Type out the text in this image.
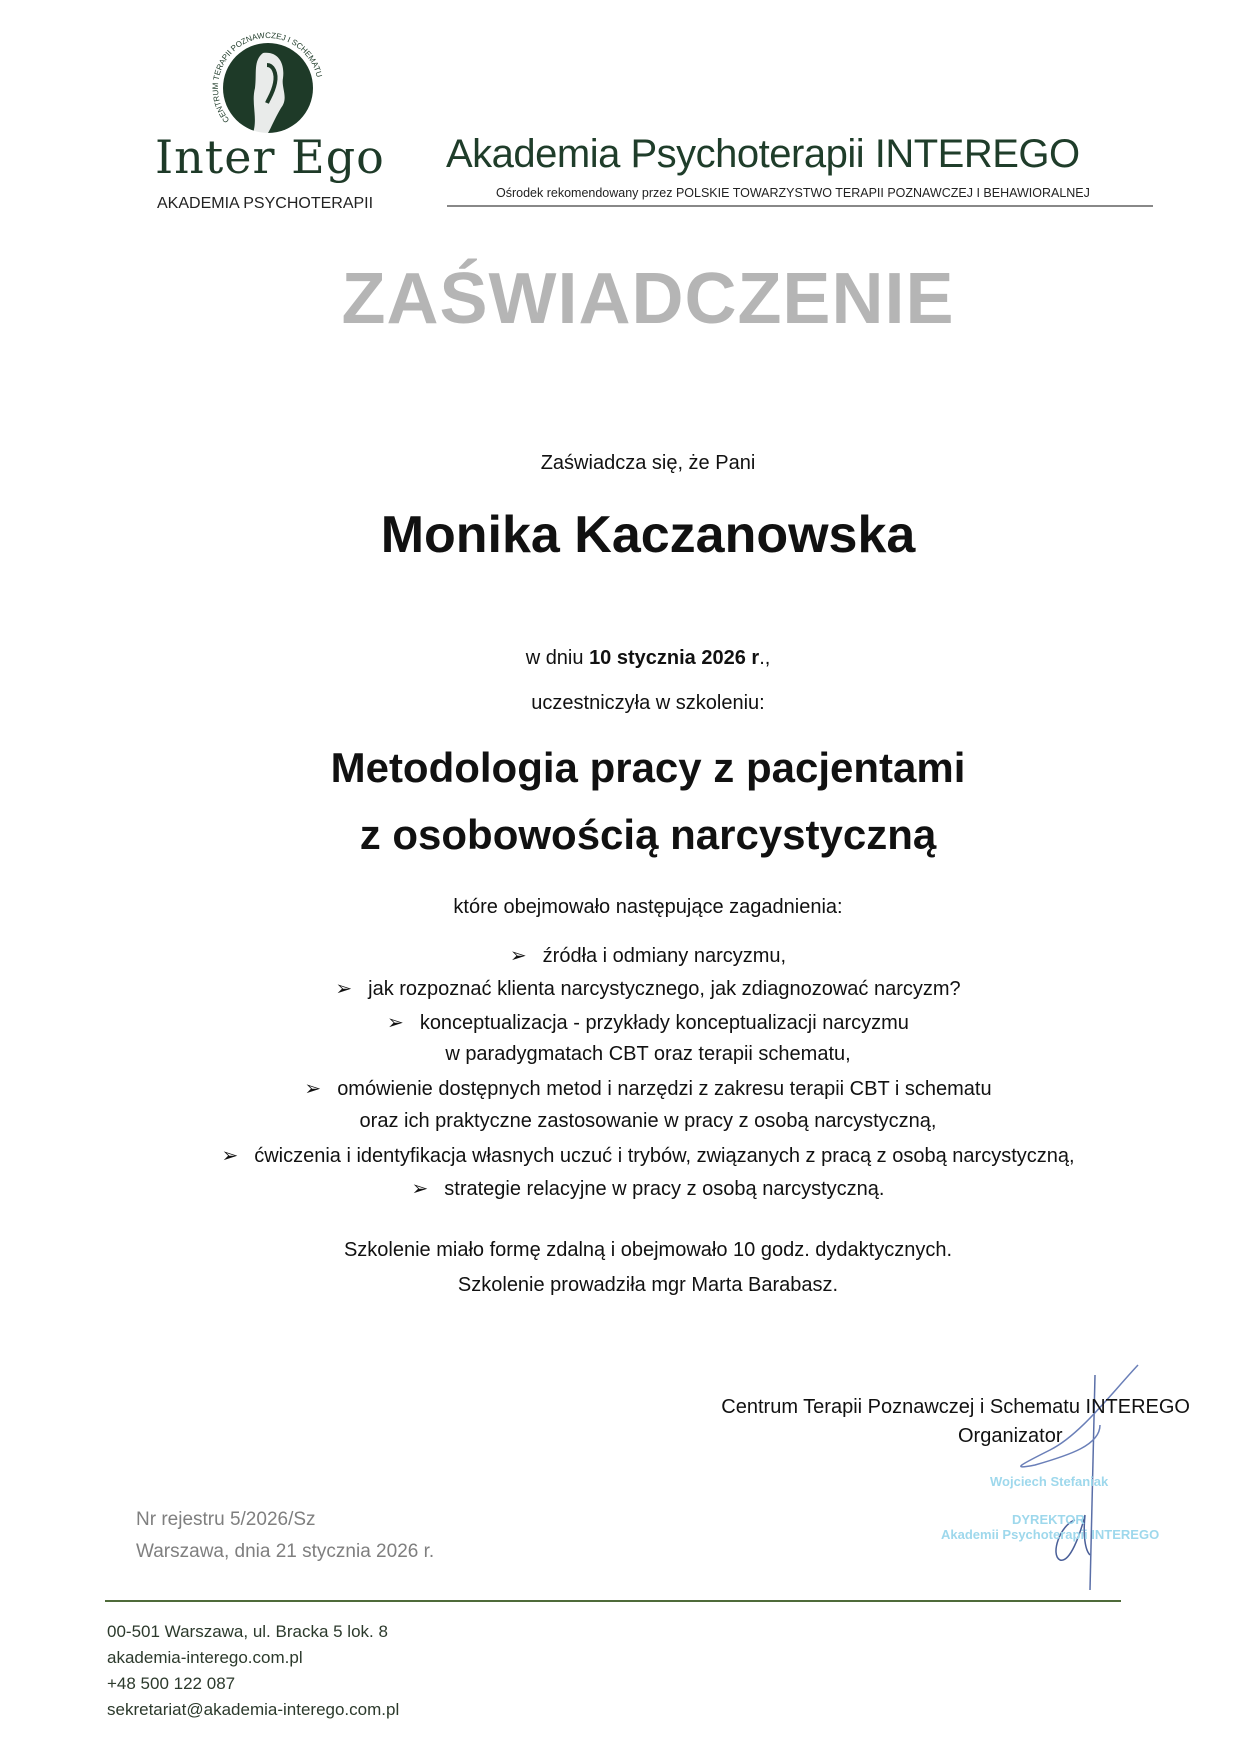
CENTRUM TERAPII POZNAWCZEJ I SCHEMATU
Inter Ego
AKADEMIA PSYCHOTERAPII
Akademia Psychoterapii INTEREGO
Ośrodek rekomendowany przez POLSKIE TOWARZYSTWO TERAPII POZNAWCZEJ I BEHAWIORALNEJ
ZAŚWIADCZENIE
Zaświadcza się, że Pani
Monika Kaczanowska
w dniu 10 stycznia 2026 r.,
uczestniczyła w szkoleniu:
Metodologia pracy z pacjentami
z osobowością narcystyczną
które obejmowało następujące zagadnienia:
➢ źródła i odmiany narcyzmu,
➢ jak rozpoznać klienta narcystycznego, jak zdiagnozować narcyzm?
➢ konceptualizacja - przykłady konceptualizacji narcyzmu
w paradygmatach CBT oraz terapii schematu,
➢ omówienie dostępnych metod i narzędzi z zakresu terapii CBT i schematu
oraz ich praktyczne zastosowanie w pracy z osobą narcystyczną,
➢ ćwiczenia i identyfikacja własnych uczuć i trybów, związanych z pracą z osobą narcystyczną,
➢ strategie relacyjne w pracy z osobą narcystyczną.
Szkolenie miało formę zdalną i obejmowało 10 godz. dydaktycznych.
Szkolenie prowadziła mgr Marta Barabasz.
Centrum Terapii Poznawczej i Schematu INTEREGO
Organizator
Wojciech Stefaniak
DYREKTOR
Akademii Psychoterapii INTEREGO
Nr rejestru 5/2026/Sz
Warszawa, dnia 21 stycznia 2026 r.
00-501 Warszawa, ul. Bracka 5 lok. 8
akademia-interego.com.pl
+48 500 122 087
sekretariat@akademia-interego.com.pl
